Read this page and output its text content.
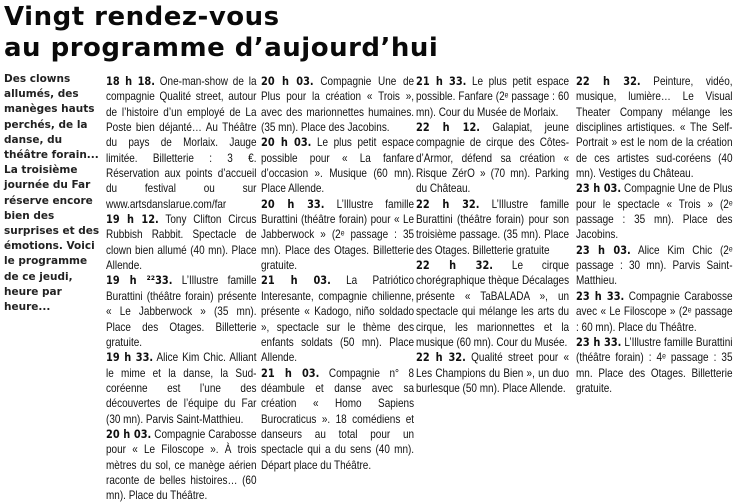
Vingt rendez-vous
au programme d’aujourd’hui
Des clowns allumés, des manèges hauts perchés, de la danse, du théâtre forain... La troisième journée du Far réserve encore bien des surprises et des émotions. Voici le programme de ce jeudi, heure par heure...

18 h 18. One-man-show de la compagnie Qualité street, autour de l’histoire d’un employé de La Poste bien déjanté… Au Théâtre du pays de Morlaix. Jauge limitée. Billetterie : 3 €. Réservation aux points d’accueil du festival ou sur www.artsdanslarue.com/far

19 h 12. Tony Clifton Circus Rubbish Rabbit. Spectacle de clown bien allumé (40 mn). Place Allende.

19 h ²²33. L’Illustre famille Burattini (théâtre forain) présente « Le Jabberwock » (35 mn). Place des Otages. Billetterie gratuite.

19 h 33. Alice Kim Chic. Alliant le mime et la danse, la Sud-coréenne est l’une des découvertes de l’équipe du Far (30 mn). Parvis Saint-Matthieu.

20 h 03. Compagnie Carabosse pour « Le Filoscope ». À trois mètres du sol, ce manège aérien raconte de belles histoires… (60 mn). Place du Théâtre.

20 h 03. Compagnie Une de Plus pour la création « Trois », avec des marionnettes humaines. (35 mn). Place des Jacobins.

20 h 03. Le plus petit espace possible pour « La fanfare d’occasion ». Musique (60 mn). Place Allende.

20 h 33. L’Illustre famille Burattini (théâtre forain) pour « Le Jabberwock » (2ᵉ passage : 35 mn). Place des Otages. Billetterie gratuite.

21 h 03. La Patriótico Interesante, compagnie chilienne, présente « Kadogo, niño soldado », spectacle sur le thème des enfants soldats (50 mn). Place Allende.

21 h 03. Compagnie n° 8 déambule et danse avec sa création « Homo Sapiens Burocraticus ». 18 comédiens et danseurs au total pour un spectacle qui a du sens (40 mn). Départ place du Théâtre.

21 h 33. Le plus petit espace possible. Fanfare (2ᵉ passage : 60 mn). Cour du Musée de Morlaix.

22 h 12. Galapiat, jeune compagnie de cirque des Côtes-d’Armor, défend sa création « Risque ZérO » (70 mn). Parking du Château.

22 h 32. L’Illustre famille Burattini (théâtre forain) pour son troisième passage. (35 mn). Place des Otages. Billetterie gratuite

22 h 32. Le cirque chorégraphique thèque Décalages présente « TaBALADA », un spectacle qui mélange les arts du cirque, les marionnettes et la musique (60 mn). Cour du Musée.

22 h 32. Qualité street pour « Les Champions du Bien », un duo burlesque (50 mn). Place Allende.

22 h 32. Peinture, vidéo, musique, lumière… Le Visual Theater Company mélange les disciplines artistiques. « The Self-Portrait » est le nom de la création de ces artistes sud-coréens (40 mn). Vestiges du Château.

23 h 03. Compagnie Une de Plus pour le spectacle « Trois » (2ᵉ passage : 35 mn). Place des Jacobins.

23 h 03. Alice Kim Chic (2ᵉ passage : 30 mn). Parvis Saint-Matthieu.

23 h 33. Compagnie Carabosse avec « Le Filoscope » (2ᵉ passage : 60 mn). Place du Théâtre.

23 h 33. L’Illustre famille Burattini (théâtre forain) : 4ᵉ passage : 35 mn. Place des Otages. Billetterie gratuite.
